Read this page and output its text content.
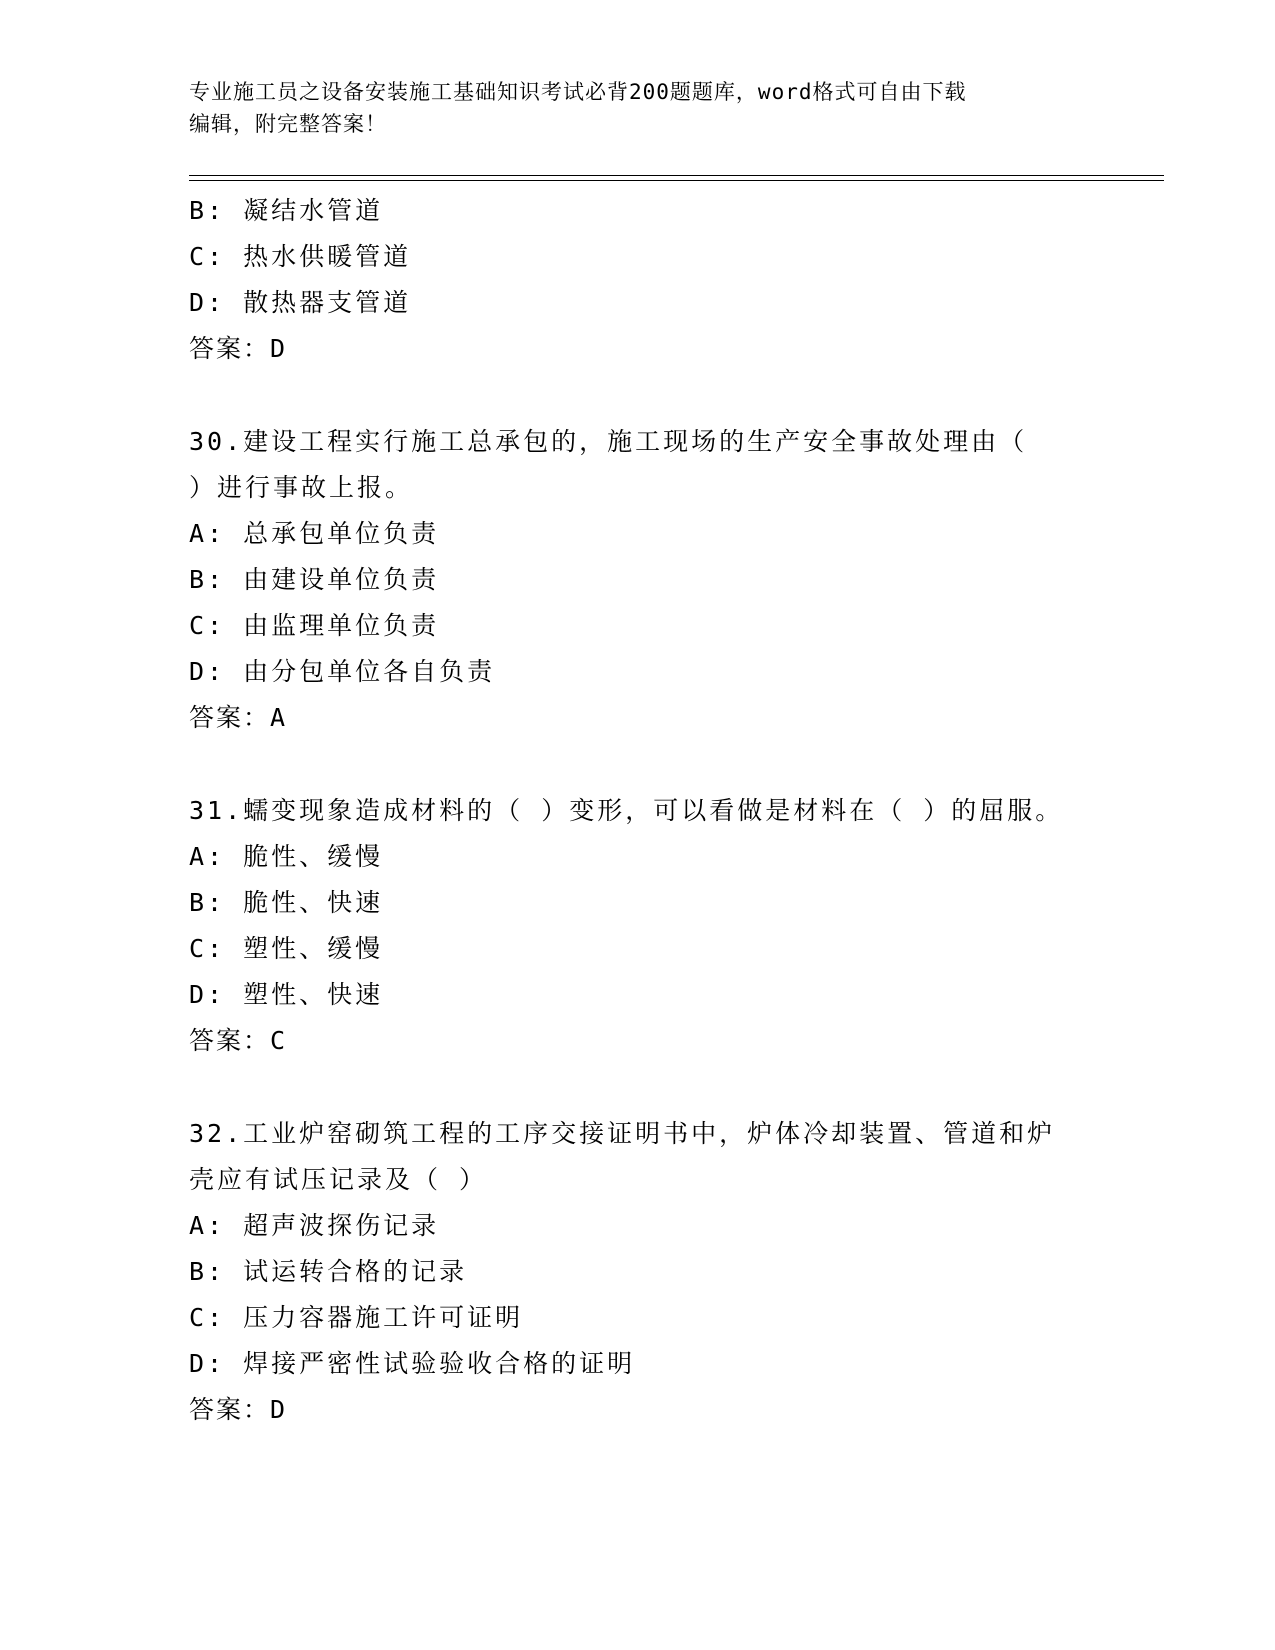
专业施工员之设备安装施工基础知识考试必背200题题库，word格式可自由下载
编辑，附完整答案！
B: 凝结水管道
C: 热水供暖管道
D: 散热器支管道
答案：D
30.建设工程实行施工总承包的，施工现场的生产安全事故处理由（
）进行事故上报。
A: 总承包单位负责
B: 由建设单位负责
C: 由监理单位负责
D: 由分包单位各自负责
答案：A
31.蠕变现象造成材料的（ ）变形，可以看做是材料在（ ）的屈服。
A: 脆性、缓慢
B: 脆性、快速
C: 塑性、缓慢
D: 塑性、快速
答案：C
32.工业炉窑砌筑工程的工序交接证明书中，炉体冷却装置、管道和炉
壳应有试压记录及（ ）
A: 超声波探伤记录
B: 试运转合格的记录
C: 压力容器施工许可证明
D: 焊接严密性试验验收合格的证明
答案：D
